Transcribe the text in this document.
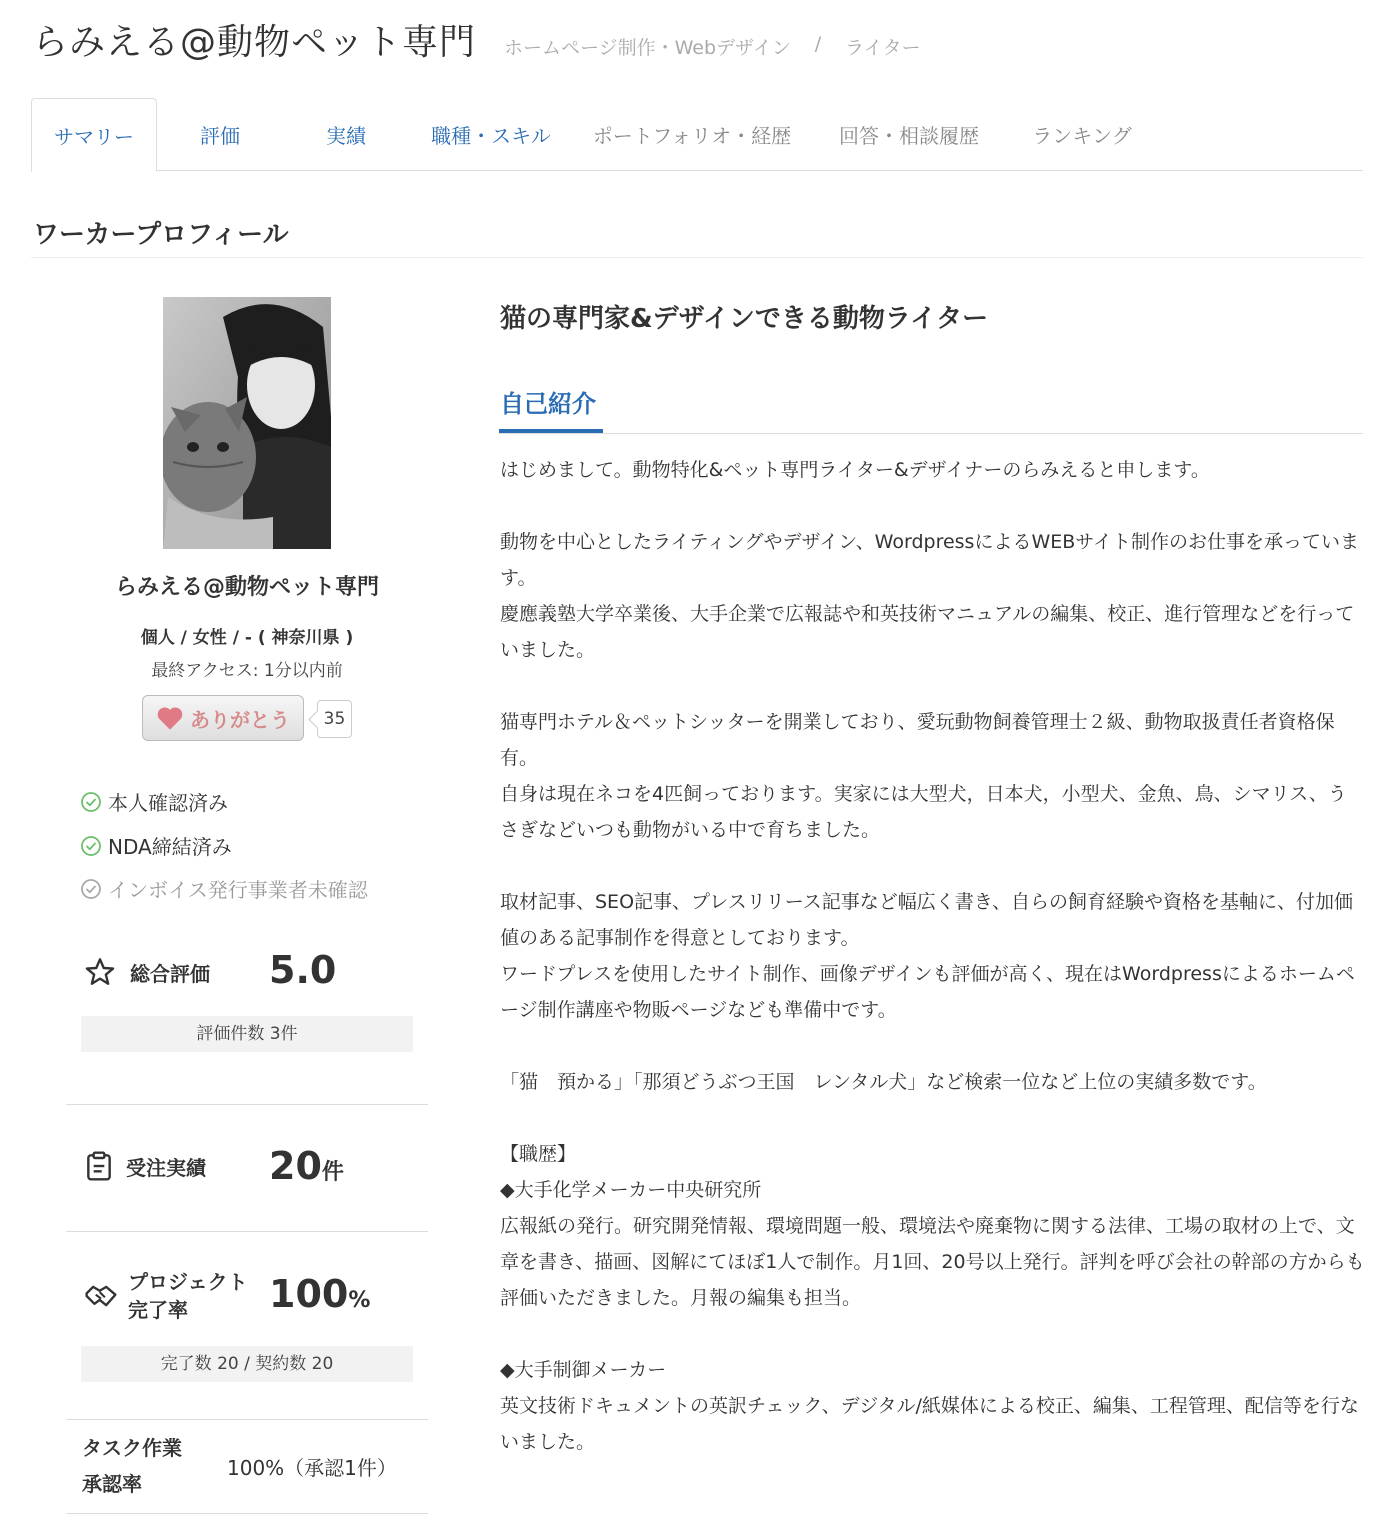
らみえる@動物ペット専門 ホームページ制作・Webデザイン / ライター
サマリー	評価	実績	職種・スキル	ポートフォリオ・経歴	回答・相談履歴	ランキング
ワーカープロフィール
らみえる@動物ペット専門
個人 / 女性 / - ( 神奈川県 )
最終アクセス: 1分以内前
ありがとう	35
本人確認済み
NDA締結済み
インボイス発行事業者未確認
総合評価 5.0
評価件数 3件
受注実績 20件
プロジェクト
完了率	100%
完了数 20 / 契約数 20
タスク作業
承認率
100%（承認1件）
猫の専門家&デザインできる動物ライター
自己紹介

はじめまして。動物特化&ペット専門ライター&デザイナーのらみえると申します。

動物を中心としたライティングやデザイン、WordpressによるWEBサイト制作のお仕事を承っています。

慶應義塾大学卒業後、大手企業で広報誌や和英技術マニュアルの編集、校正、進行管理などを行っていました。

猫専門ホテル＆ペットシッターを開業しており、愛玩動物飼養管理士２級、動物取扱責任者資格保有。

自身は現在ネコを4匹飼っております。実家には大型犬，日本犬，小型犬、金魚、鳥、シマリス、うさぎなどいつも動物がいる中で育ちました。

取材記事、SEO記事、プレスリリース記事など幅広く書き、自らの飼育経験や資格を基軸に、付加価値のある記事制作を得意としております。

ワードプレスを使用したサイト制作、画像デザインも評価が高く、現在はWordpressによるホームページ制作講座や物販ページなども準備中です。

「猫　預かる」「那須どうぶつ王国　レンタル犬」など検索一位など上位の実績多数です。

【職歴】

◆大手化学メーカー中央研究所

広報紙の発行。研究開発情報、環境問題一般、環境法や廃棄物に関する法律、工場の取材の上で、文章を書き、描画、図解にてほぼ1人で制作。月1回、20号以上発行。評判を呼び会社の幹部の方からも評価いただきました。月報の編集も担当。

◆大手制御メーカー

英文技術ドキュメントの英訳チェック、デジタル/紙媒体による校正、編集、工程管理、配信等を行ないました。
